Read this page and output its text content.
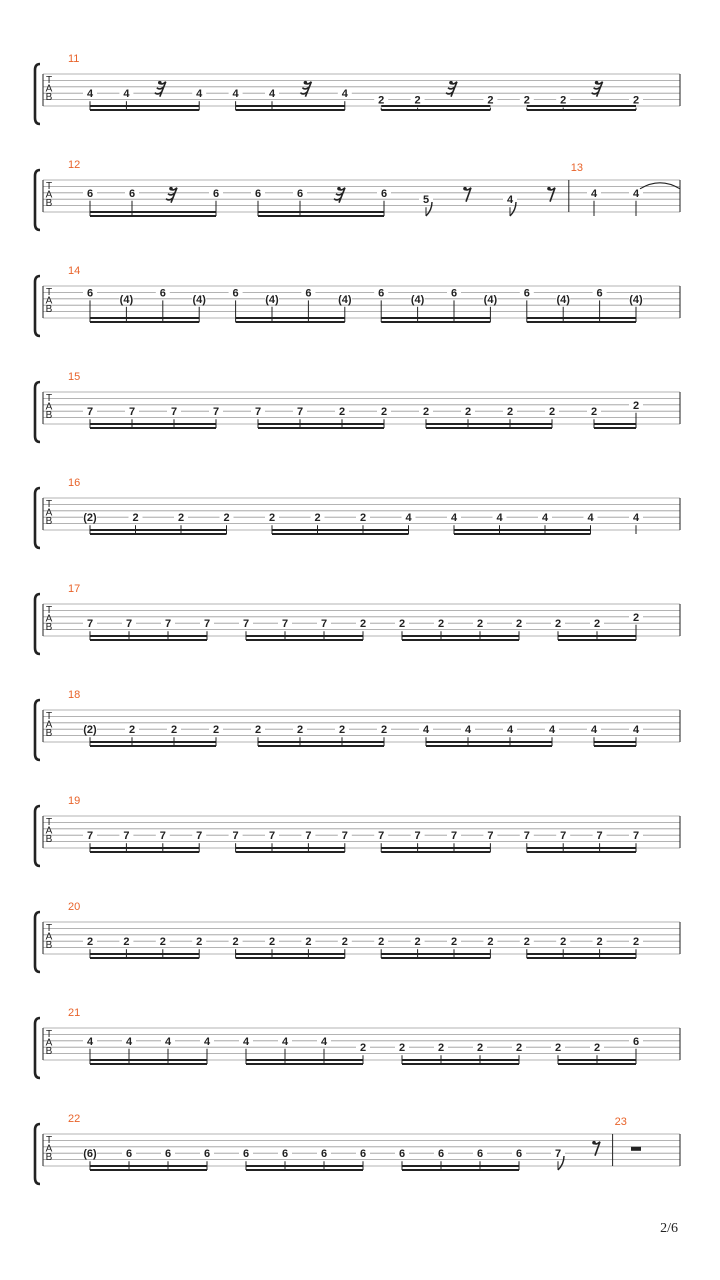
T
A
B
11
4	4	4	4	4	4
2	2	2	2	2	2
T
A
B
12
6	6	6	6	6	6
5	4
13
4	4
T
A
B
14
6
(4)
6
(4)
6
(4)
6
(4)
6
(4)
6
(4)
6
(4)
6
(4)
T
A
B
15
7	7	7	7	7	7	2	2	2	2	2	2	2
2
T
A
B
16
(2)	2	2	2	2	2	2	4	4	4	4	4	4
T
A
B
17
7	7	7	7	7	7	7	2	2	2	2	2	2	2
2
T
A
B
18
(2)	2	2	2	2	2	2	2	4	4	4	4	4	4
T
A
B
19
7	7	7	7	7	7	7	7	7	7	7	7	7	7	7	7
T
A
B
20
2	2	2	2	2	2	2	2	2	2	2	2	2	2	2	2
T
A
B
21
4	4	4	4	4	4	4
2	2	2	2	2	2	2
6
T
A
B
22
(6)	6	6	6	6	6	6	6	6	6	6	6	7
23
2/6
